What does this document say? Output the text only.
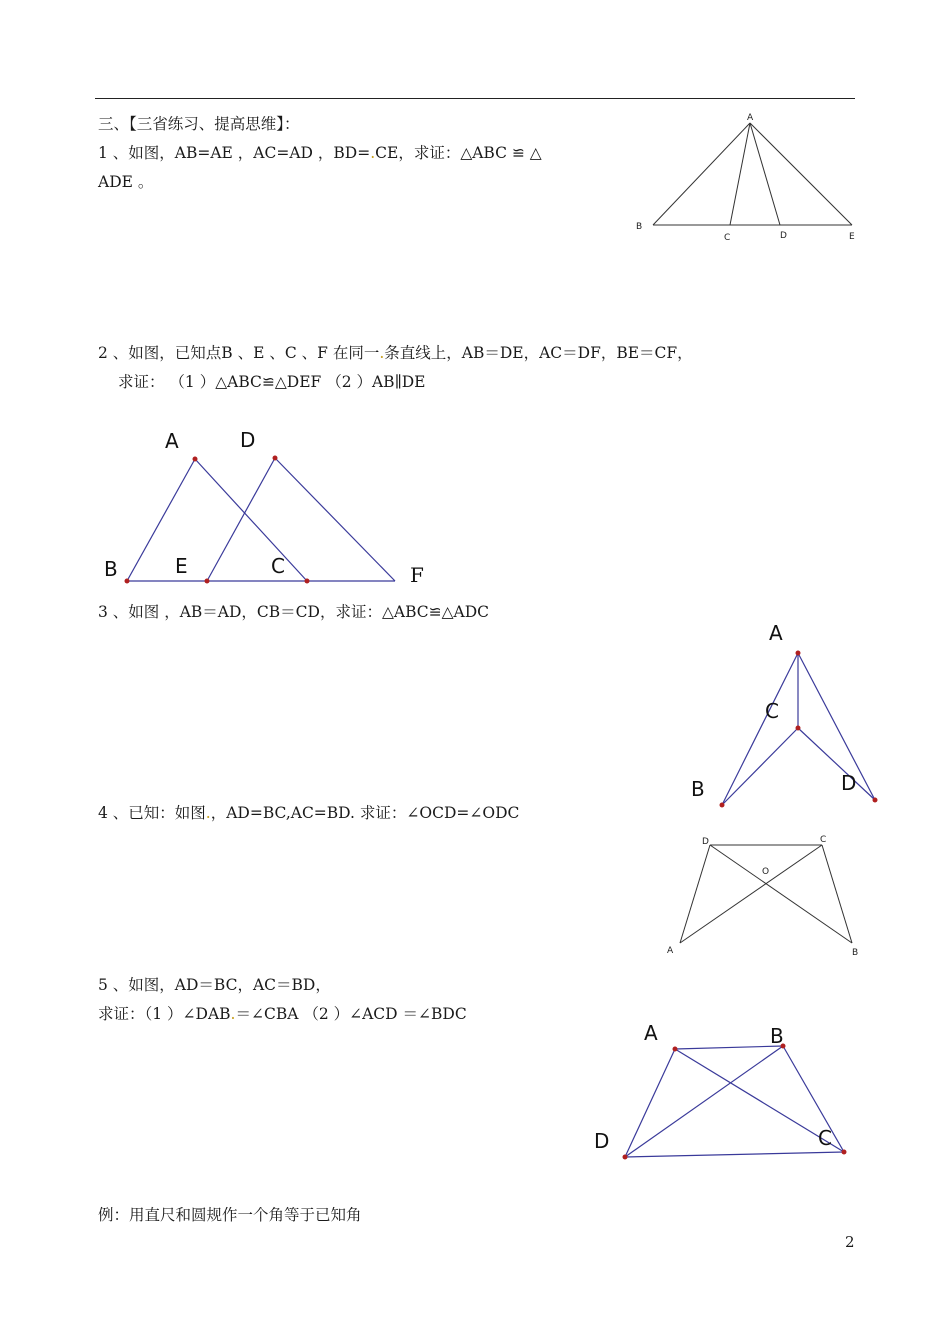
三、【三省练习、提高思维】：
1 、如图，AB=AE ，AC=AD ，BD=.CE，求证：△ABC ≌ △
ADE 。
A
B
C	D	E
2 、如图，已知点B 、E 、C 、F 在同一.条直线上，AB＝DE，AC＝DF，BE＝CF，
求证： （1 ）△ABC≌△DEF （2 ）AB∥DE
A	D
B	E	C	F
3 、如图 ，AB＝AD，CB＝CD，求证：△ABC≌△ADC
A
C
B	D
4 、已知：如图.，AD=BC,AC=BD. 求证：∠OCD=∠ODC
D	C
O
A	B
5 、如图，AD＝BC，AC＝BD，
求证：（1 ）∠DAB.＝∠CBA （2 ）∠ACD ＝∠BDC
A	B
D	C
例：用直尺和圆规作一个角等于已知角
2
